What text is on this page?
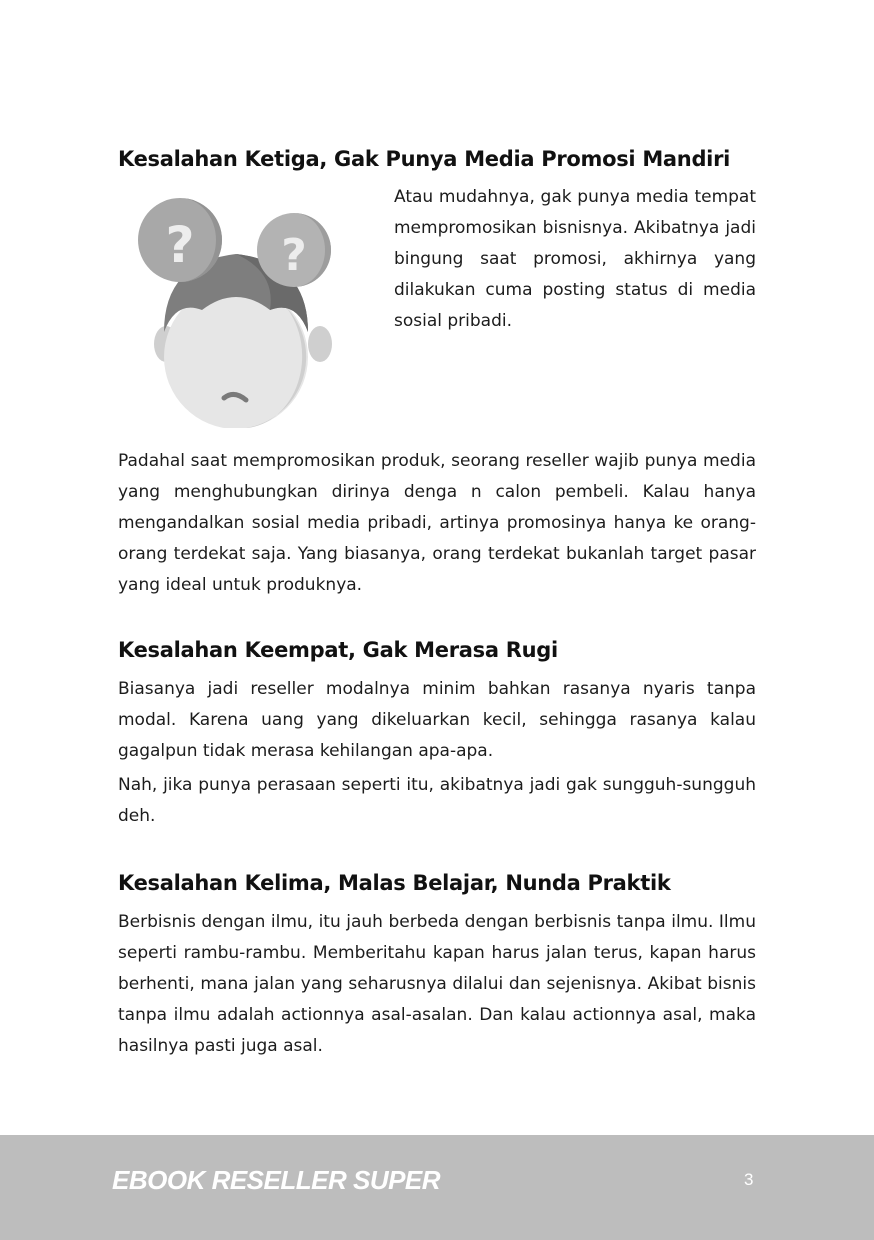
Kesalahan Ketiga, Gak Punya Media Promosi Mandiri
? ?

Atau mudahnya, gak punya media tempat mempromosikan bisnisnya. Akibatnya jadi bingung saat promosi, akhirnya yang dilakukan cuma posting status di media sosial pribadi.

Padahal saat mempromosikan produk, seorang reseller wajib punya media yang menghubungkan dirinya denga n calon pembeli. Kalau hanya mengandalkan sosial media pribadi, artinya promosinya hanya ke orang-orang terdekat saja. Yang biasanya, orang terdekat bukanlah target pasar yang ideal untuk produknya.

Kesalahan Keempat, Gak Merasa Rugi

Biasanya jadi reseller modalnya minim bahkan rasanya nyaris tanpa modal. Karena uang yang dikeluarkan kecil, sehingga rasanya kalau gagalpun tidak merasa kehilangan apa-apa.

Nah, jika punya perasaan seperti itu, akibatnya jadi gak sungguh-sungguh deh.

Kesalahan Kelima, Malas Belajar, Nunda Praktik

Berbisnis dengan ilmu, itu jauh berbeda dengan berbisnis tanpa ilmu. Ilmu seperti rambu-rambu. Memberitahu kapan harus jalan terus, kapan harus berhenti, mana jalan yang seharusnya dilalui dan sejenisnya. Akibat bisnis tanpa ilmu adalah actionnya asal-asalan. Dan kalau actionnya asal, maka hasilnya pasti juga asal.

EBOOK RESELLER SUPER	3
